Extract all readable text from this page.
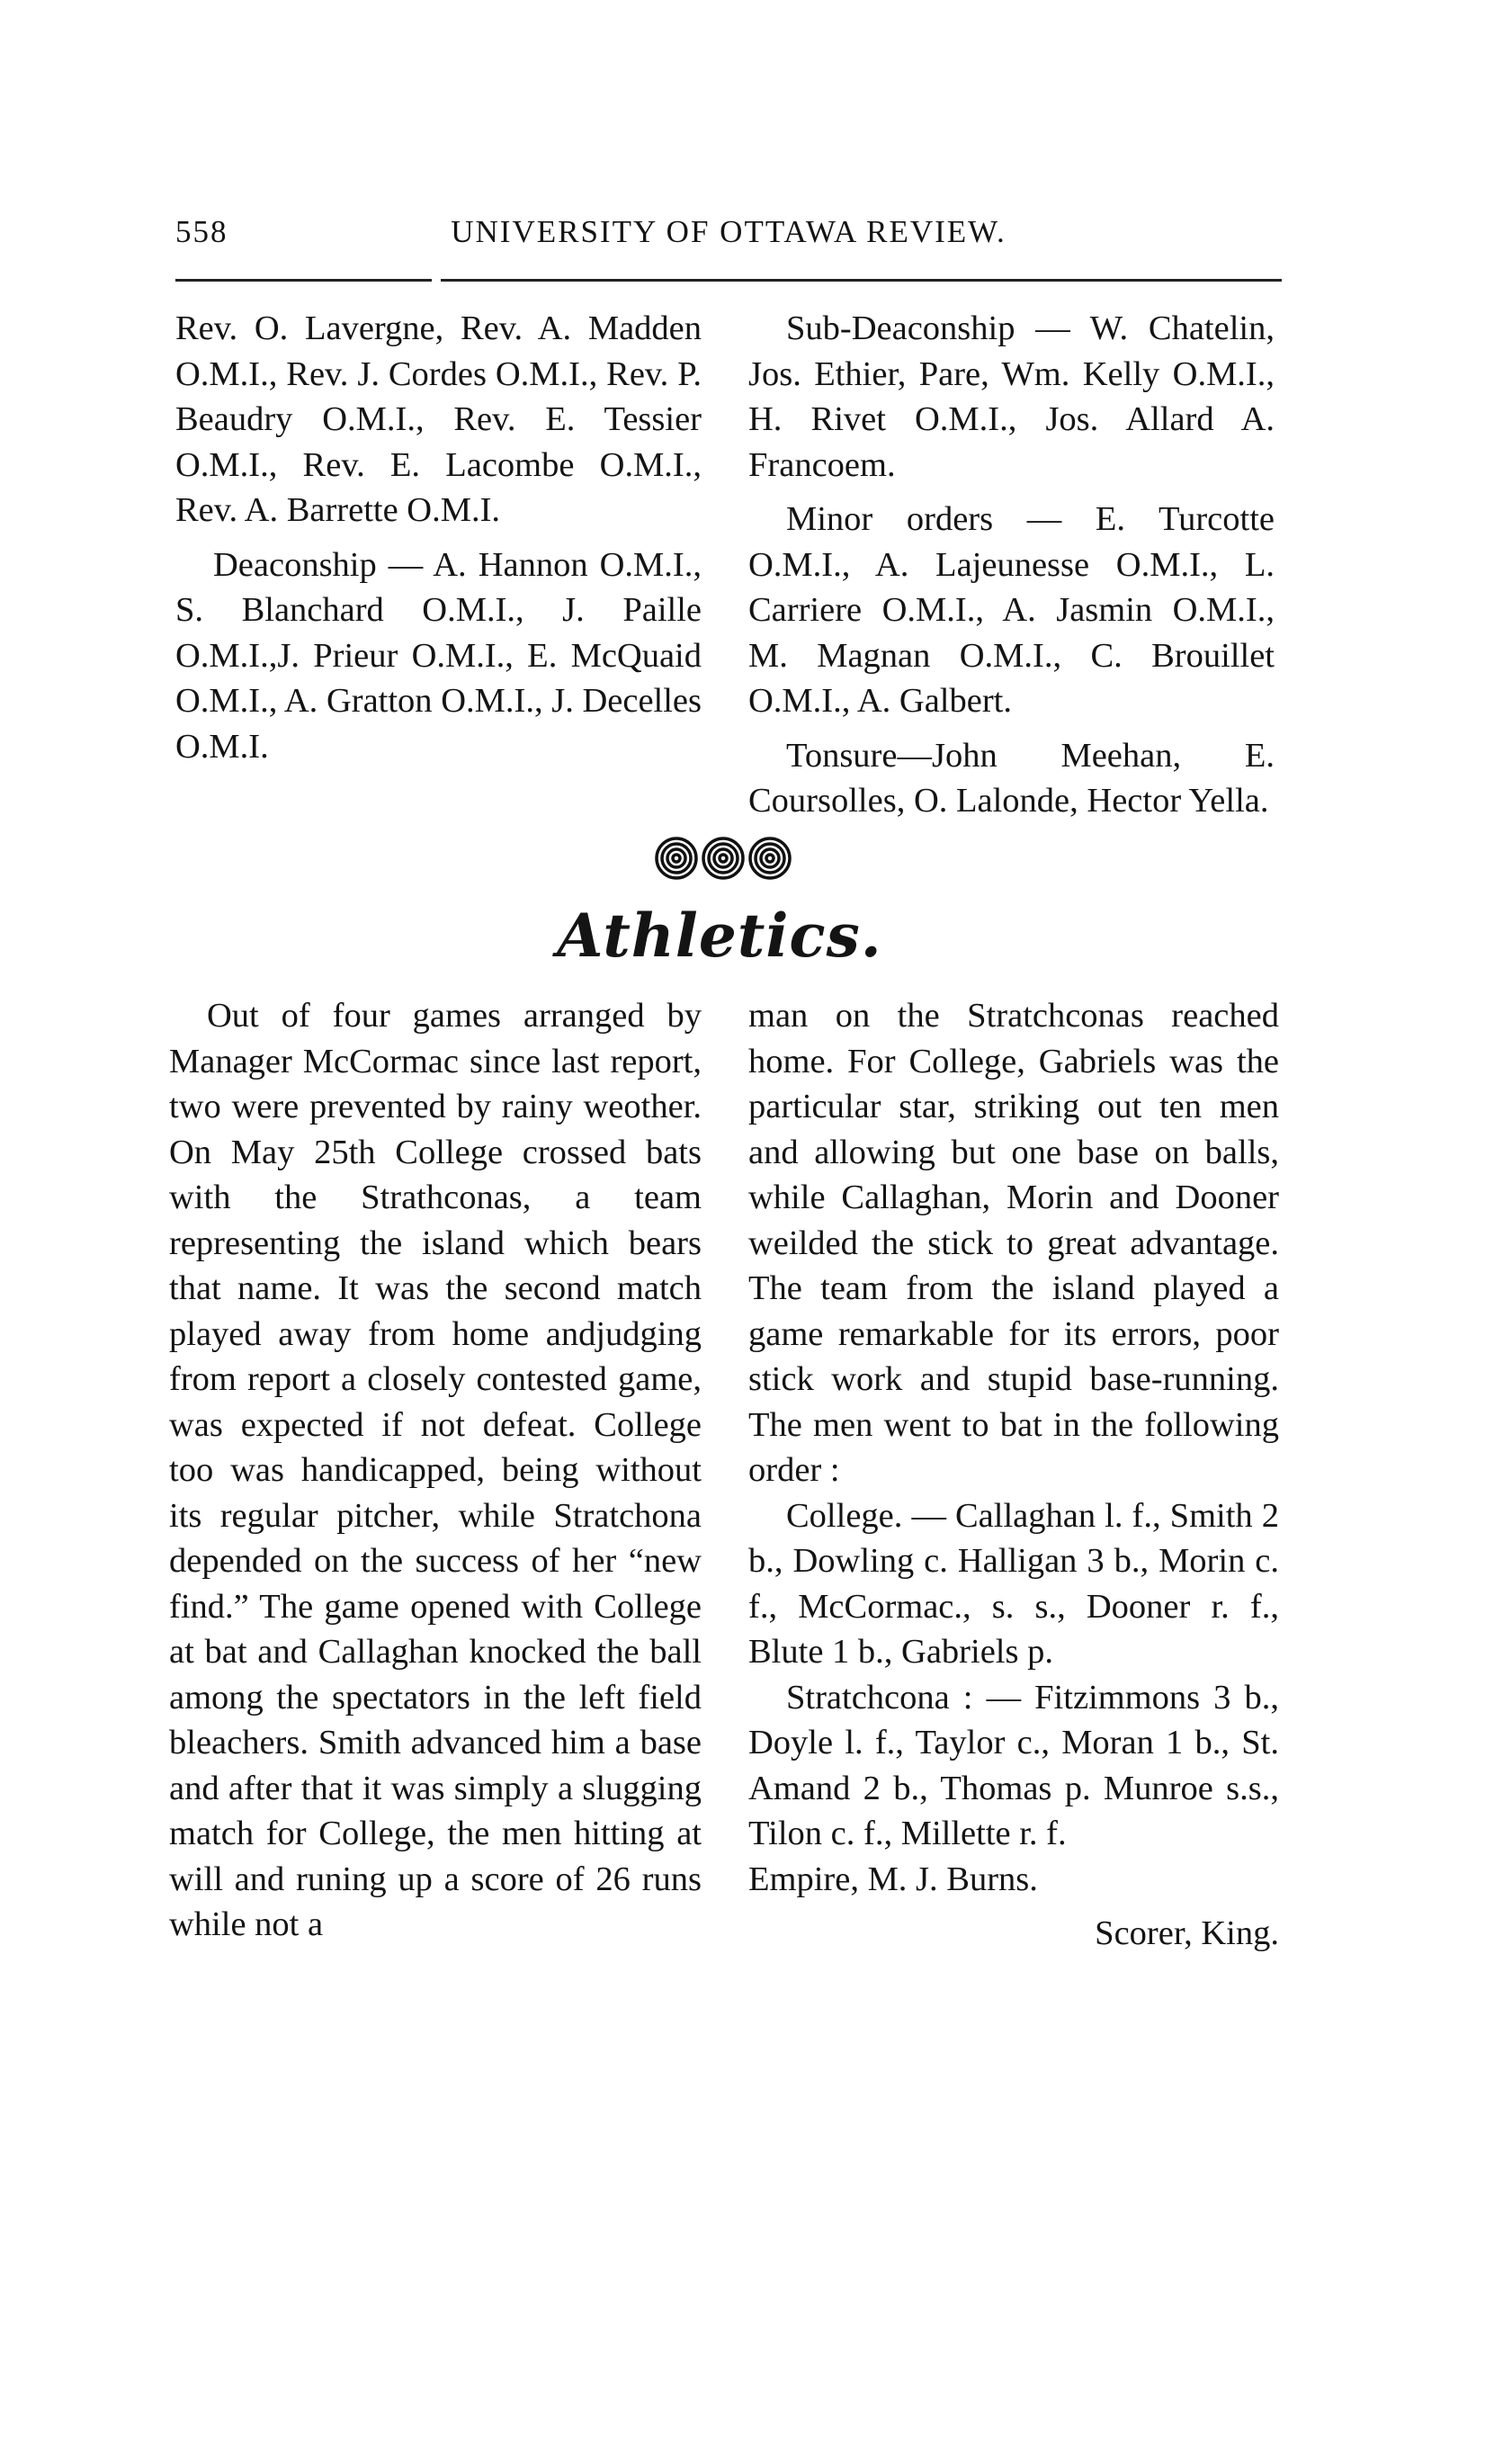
558	UNIVERSITY OF OTTAWA REVIEW.

Rev. O. Lavergne, Rev. A. Madden O.M.I., Rev. J. Cordes O.M.I., Rev. P. Beaudry O.M.I., Rev. E. Tessier O.M.I., Rev. E. Lacombe O.M.I., Rev. A. Barrette O.M.I.

Deaconship — A. Hannon O.M.I., S. Blanchard O.M.I., J. Paille O.M.I.,J. Prieur O.M.I., E. McQuaid O.M.I., A. Gratton O.M.I., J. Decelles O.M.I.

Sub-Deaconship — W. Chatelin, Jos. Ethier, Pare, Wm. Kelly O.M.I., H. Rivet O.M.I., Jos. Allard A. Francoem.

Minor orders — E. Turcotte O.M.I., A. Lajeunesse O.M.I., L. Carriere O.M.I., A. Jasmin O.M.I., M. Magnan O.M.I., C. Brouillet O.M.I., A. Galbert.

Tonsure—John Meehan, E. Coursolles, O. Lalonde, Hector Yella.

Athletics.

Out of four games arranged by Manager McCormac since last report, two were prevented by rainy weother. On May 25th College crossed bats with the Strathconas, a team representing the island which bears that name. It was the second match played away from home andjudging from report a closely contested game, was expected if not defeat. College too was handicapped, being without its regular pitcher, while Stratchona depended on the success of her “new find.” The game opened with College at bat and Callaghan knocked the ball among the spectators in the left field bleachers. Smith advanced him a base and after that it was simply a slugging match for College, the men hitting at will and runing up a score of 26 runs while not a

man on the Stratchconas reached home. For College, Gabriels was the particular star, striking out ten men and allowing but one base on balls, while Callaghan, Morin and Dooner weilded the stick to great advantage. The team from the island played a game remarkable for its errors, poor stick work and stupid base-running. The men went to bat in the following order :

College. — Callaghan l. f., Smith 2 b., Dowling c. Halligan 3 b., Morin c. f., McCormac., s. s., Dooner r. f., Blute 1 b., Gabriels p.

Stratchcona : — Fitzimmons 3 b., Doyle l. f., Taylor c., Moran 1 b., St. Amand 2 b., Thomas p. Munroe s.s., Tilon c. f., Millette r. f.

Empire, M. J. Burns.

Scorer, King.
